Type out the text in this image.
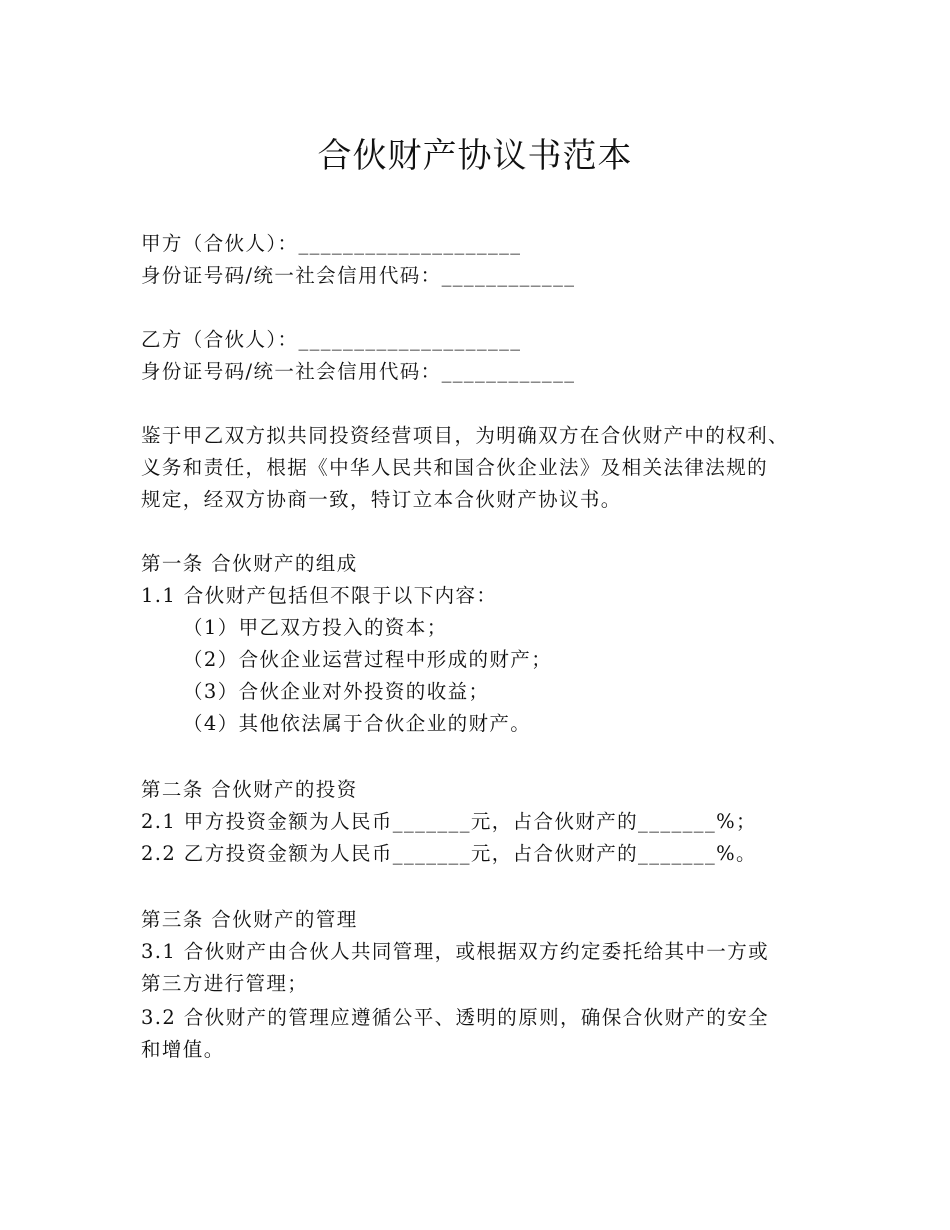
合伙财产协议书范本
甲方（合伙人）：____________________
身份证号码/统一社会信用代码：____________
乙方（合伙人）：____________________
身份证号码/统一社会信用代码：____________
鉴于甲乙双方拟共同投资经营项目，为明确双方在合伙财产中的权利、
义务和责任，根据《中华人民共和国合伙企业法》及相关法律法规的
规定，经双方协商一致，特订立本合伙财产协议书。
第一条 合伙财产的组成
1.1 合伙财产包括但不限于以下内容：
（1）甲乙双方投入的资本；
（2）合伙企业运营过程中形成的财产；
（3）合伙企业对外投资的收益；
（4）其他依法属于合伙企业的财产。
第二条 合伙财产的投资
2.1 甲方投资金额为人民币_______元，占合伙财产的_______%；
2.2 乙方投资金额为人民币_______元，占合伙财产的_______%。
第三条 合伙财产的管理
3.1 合伙财产由合伙人共同管理，或根据双方约定委托给其中一方或
第三方进行管理；
3.2 合伙财产的管理应遵循公平、透明的原则，确保合伙财产的安全
和增值。
